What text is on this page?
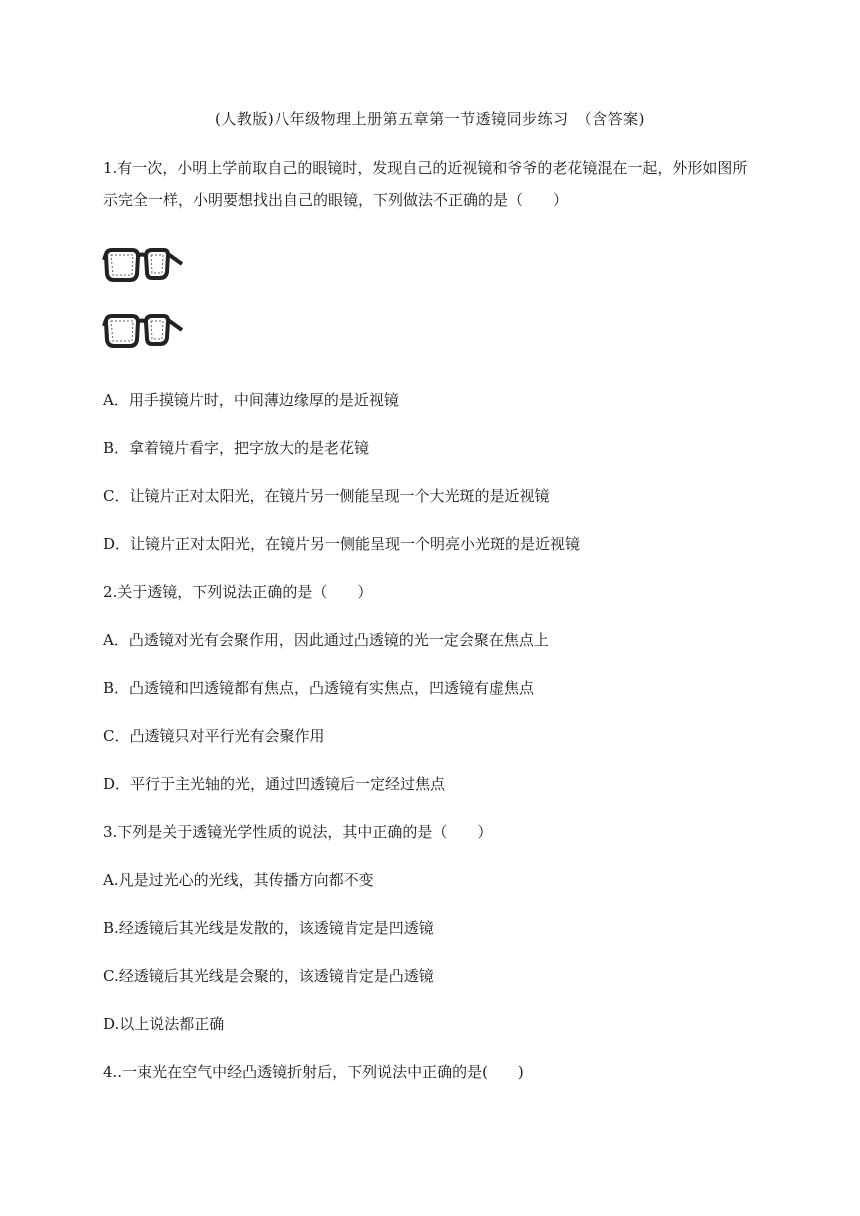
(人教版)八年级物理上册第五章第一节透镜同步练习　（含答案)
1.有一次，小明上学前取自己的眼镜时，发现自己的近视镜和爷爷的老花镜混在一起，外形如图所
示完全一样，小明要想找出自己的眼镜，下列做法不正确的是（　　）
A．用手摸镜片时，中间薄边缘厚的是近视镜
B．拿着镜片看字，把字放大的是老花镜
C．让镜片正对太阳光，在镜片另一侧能呈现一个大光斑的是近视镜
D．让镜片正对太阳光，在镜片另一侧能呈现一个明亮小光斑的是近视镜
2.关于透镜，下列说法正确的是（　　）
A．凸透镜对光有会聚作用，因此通过凸透镜的光一定会聚在焦点上
B．凸透镜和凹透镜都有焦点，凸透镜有实焦点，凹透镜有虚焦点
C．凸透镜只对平行光有会聚作用
D．平行于主光轴的光，通过凹透镜后一定经过焦点
3.下列是关于透镜光学性质的说法，其中正确的是（　　）
A.凡是过光心的光线，其传播方向都不变
B.经透镜后其光线是发散的，该透镜肯定是凹透镜
C.经透镜后其光线是会聚的，该透镜肯定是凸透镜
D.以上说法都正确
4..一束光在空气中经凸透镜折射后，下列说法中正确的是(　　)
